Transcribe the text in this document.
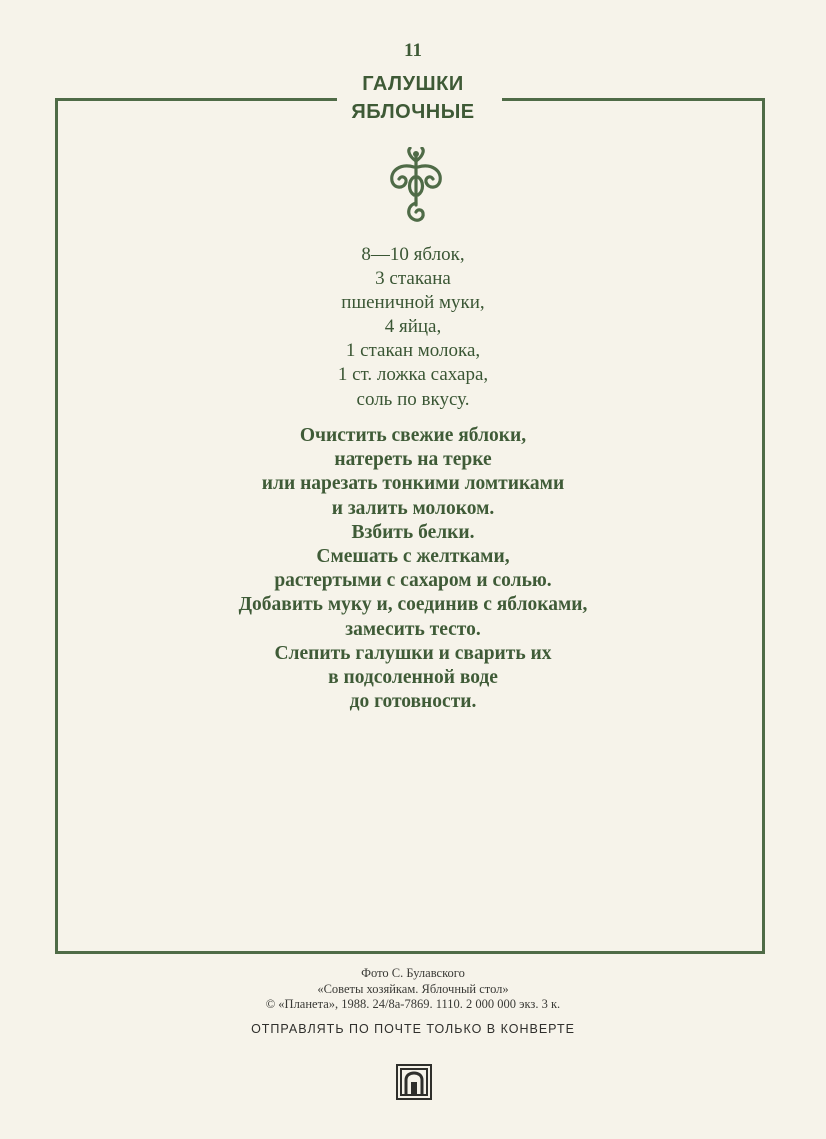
11
ГАЛУШКИ
ЯБЛОЧНЫЕ
8—10 яблок,
3 стакана
пшеничной муки,
4 яйца,
1 стакан молока,
1 ст. ложка сахара,
соль по вкусу.
Очистить свежие яблоки,
натереть на терке
или нарезать тонкими ломтиками
и залить молоком.
Взбить белки.
Смешать с желтками,
растертыми с сахаром и солью.
Добавить муку и, соединив с яблоками,
замесить тесто.
Слепить галушки и сварить их
в подсоленной воде
до готовности.
Фото С. Булавского
«Советы хозяйкам. Яблочный стол»
© «Планета», 1988. 24/8а-7869. 1110. 2 000 000 экз. 3 к.
ОТПРАВЛЯТЬ ПО ПОЧТЕ ТОЛЬКО В КОНВЕРТЕ
